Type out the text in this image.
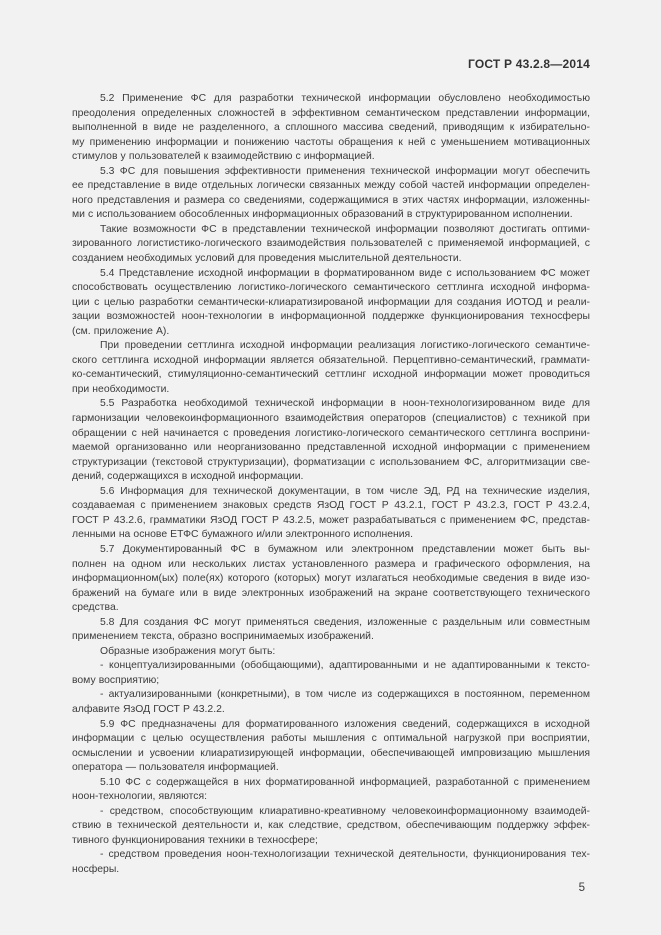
ГОСТ Р 43.2.8—2014
5.2 Применение ФС для разработки технической информации обусловлено необходимостью
преодоления определенных сложностей в эффективном семантическом представлении информации,
выполненной в виде не разделенного, а сплошного массива сведений, приводящим к избирательно-
му применению информации и понижению частоты обращения к ней с уменьшением мотивационных
стимулов у пользователей к взаимодействию с информацией.
5.3 ФС для повышения эффективности применения технической информации могут обеспечить
ее представление в виде отдельных логически связанных между собой частей информации определен-
ного представления и размера со сведениями, содержащимися в этих частях информации, изложенны-
ми с использованием обособленных информационных образований в структурированном исполнении.
Такие возможности ФС в представлении технической информации позволяют достигать оптими-
зированного логистистико-логического взаимодействия пользователей с применяемой информацией, с
созданием необходимых условий для проведения мыслительной деятельности.
5.4 Представление исходной информации в форматированном виде с использованием ФС может
способствовать осуществлению логистико-логического семантического сеттлинга исходной информа-
ции с целью разработки семантически-клиаратизированой информации для создания ИОТОД и реали-
зации возможностей ноон-технологии в информационной поддержке функционирования техносферы
(см. приложение А).
При проведении сеттлинга исходной информации реализация логистико-логического семантиче-
ского сеттлинга исходной информации является обязательной. Перцептивно-семантический, граммати-
ко-семантический, стимуляционно-семантический сеттлинг исходной информации может проводиться
при необходимости.
5.5 Разработка необходимой технической информации в ноон-технологизированном виде для
гармонизации человекоинформационного взаимодействия операторов (специалистов) с техникой при
обращении с ней начинается с проведения логистико-логического семантического сеттлинга восприни-
маемой организованно или неорганизованно представленной исходной информации с применением
структуризации (текстовой структуризации), форматизации с использованием ФС, алгоритмизации све-
дений, содержащихся в исходной информации.
5.6 Информация для технической документации, в том числе ЭД, РД на технические изделия,
создаваемая с применением знаковых средств ЯзОД ГОСТ Р 43.2.1, ГОСТ Р 43.2.3, ГОСТ Р 43.2.4,
ГОСТ Р 43.2.6, грамматики ЯзОД ГОСТ Р 43.2.5, может разрабатываться с применением ФС, представ-
ленными на основе ЕТФС бумажного и/или электронного исполнения.
5.7 Документированный ФС в бумажном или электронном представлении может быть вы-
полнен на одном или нескольких листах установленного размера и графического оформления, на
информационном(ых) поле(ях) которого (которых) могут излагаться необходимые сведения в виде изо-
бражений на бумаге или в виде электронных изображений на экране соответствующего технического
средства.
5.8 Для создания ФС могут применяться сведения, изложенные с раздельным или совместным
применением текста, образно воспринимаемых изображений.
Образные изображения могут быть:
- концептуализированными (обобщающими), адаптированными и не адаптированными к тексто-
вому восприятию;
- актуализированными (конкретными), в том числе из содержащихся в постоянном, переменном
алфавите ЯзОД ГОСТ Р 43.2.2.
5.9 ФС предназначены для форматированного изложения сведений, содержащихся в исходной
информации с целью осуществления работы мышления с оптимальной нагрузкой при восприятии,
осмыслении и усвоении клиаратизирующей информации, обеспечивающей импровизацию мышления
оператора — пользователя информацией.
5.10 ФС с содержащейся в них форматированной информацией, разработанной с применением
ноон-технологии, являются:
- средством, способствующим клиаративно-креативному человекоинформационному взаимодей-
ствию в технической деятельности и, как следствие, средством, обеспечивающим поддержку эффек-
тивного функционирования техники в техносфере;
- средством проведения ноон-технологизации технической деятельности, функционирования тех-
носферы.
5
